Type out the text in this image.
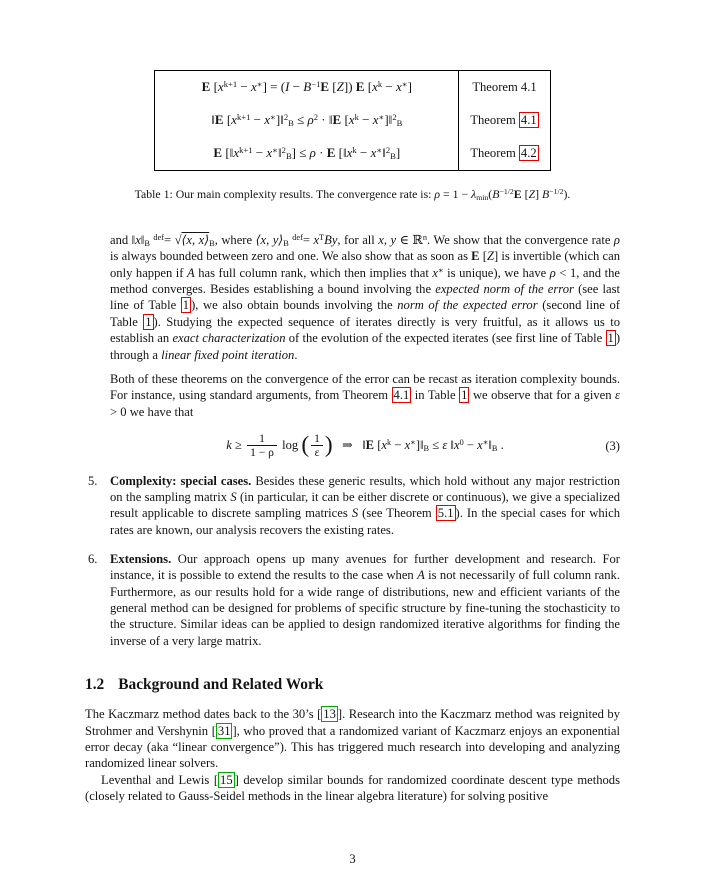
E $[x^{k+1} - x^∗] = (I - B^{-1}E$ [Z]) E $[x^k - x^∗]$	Theorem 4.1
‖E [$x^{k+1}$ − x∗]‖$^2$B ≤ $\rho^2$ · ‖E [$x^k$ − x∗]‖$^2$B	Theorem 4.1
E [$‖x^{k+1}$ − x∗‖$^2$B] ≤ ρ · E [$‖x^k$ − x∗‖$^2$B]	Theorem 4.2
Table 1: Our main complexity results. The convergence rate is: $\rho = 1 - \lambda\min(B^{-1/2}E$ [Z] $B^{-1/2}$).

and ‖x‖B $^{def}$= √⟨x, x⟩B, where ⟨x, y⟩B $^{def}= x^TBy$, for all x, y ∈ ℝ$^n$. We show that the convergence rate ρ is always bounded between zero and one. We also show that as soon as E [Z] is invertible (which can only happen if A has full column rank, which then implies that x∗ is unique), we have ρ < 1, and the method converges. Besides establishing a bound involving the expected norm of the error (see last line of Table 1 ), we also obtain bounds involving the norm of the expected error (second line of Table 1 ). Studying the expected sequence of iterates directly is very fruitful, as it allows us to establish an exact characterization of the evolution of the expected iterates (see first line of Table 1 ) through a linear fixed point iteration.

Both of these theorems on the convergence of the error can be recast as iteration complexity bounds. For instance, using standard arguments, from Theorem 4.1 in Table 1 we observe that for a given ε > 0 we have that

$k \ge \frac{1}{1 - \rho}$ log ( $\frac{1}{\varepsilon}$ )   ⇒   ‖E [$x^k$ − x∗]‖B ≤ ε $‖x^0$ − x∗‖B .	(3)
5. Complexity: special cases. Besides these generic results, which hold without any major restriction on the sampling matrix S (in particular, it can be either discrete or continuous), we give a specialized result applicable to discrete sampling matrices S (see Theorem 5.1 ). In the special cases for which rates are known, our analysis recovers the existing rates.
6. Extensions. Our approach opens up many avenues for further development and research. For instance, it is possible to extend the results to the case when A is not necessarily of full column rank. Furthermore, as our results hold for a wide range of distributions, new and efficient variants of the general method can be designed for problems of specific structure by fine-tuning the stochasticity to the structure. Similar ideas can be applied to design randomized iterative algorithms for finding the inverse of a very large matrix.
1.2 Background and Related Work

The Kaczmarz method dates back to the 30’s [ 13 ]. Research into the Kaczmarz method was reignited by Strohmer and Vershynin [ 31 ], who proved that a randomized variant of Kaczmarz enjoys an exponential error decay (aka “linear convergence”). This has triggered much research into developing and analyzing randomized linear solvers.

Leventhal and Lewis [ 15 ] develop similar bounds for randomized coordinate descent type methods (closely related to Gauss-Seidel methods in the linear algebra literature) for solving positive

3
